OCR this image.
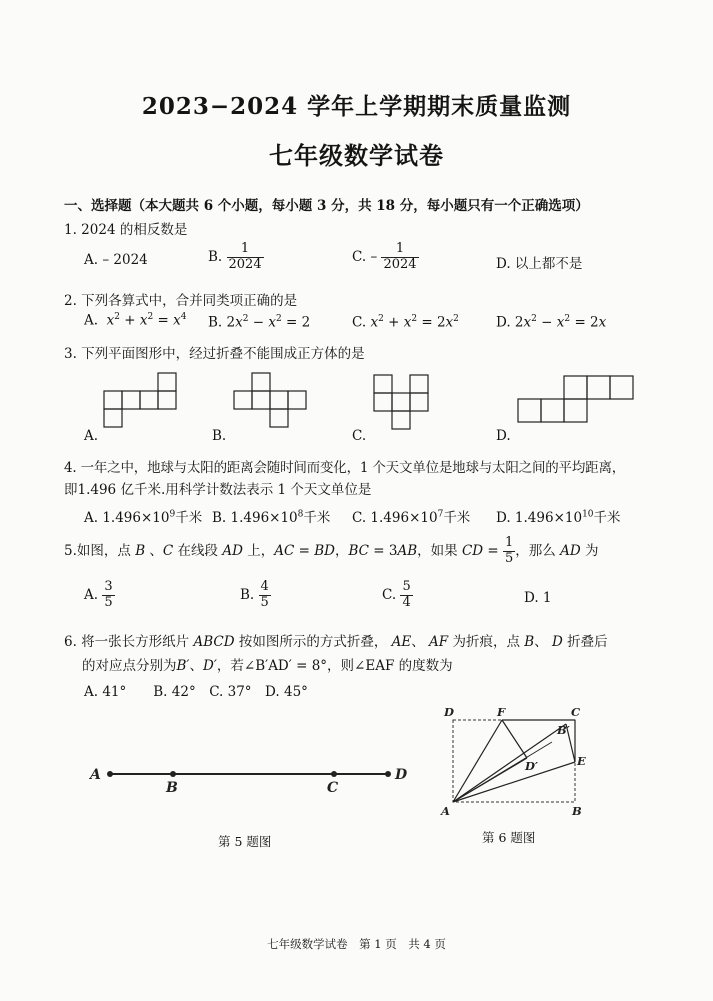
2023−2024 学年上学期期末质量监测
七年级数学试卷
一、选择题（本大题共 6 个小题，每小题 3 分，共 18 分，每小题只有一个正确选项）
1. 2024 的相反数是
A. – 2024	B. $\frac{1}{2024}$	C. – $\frac{1}{2024}$	D. 以上都不是
2. 下列各算式中，合并同类项正确的是
A. $x^2 + x^2 = x^4$ B. $2x^2 - x^2 = 2$	C. $x^2 + x^2 = 2x^2$	D. $2x^2 - x^2 = 2x$
3. 下列平面图形中，经过折叠不能围成正方体的是
A.	B.	C.	D.
4. 一年之中，地球与太阳的距离会随时间而变化，1 个天文单位是地球与太阳之间的平均距离，
即1.496 亿千米.用科学计数法表示 1 个天文单位是
A. $1.496\times 10^9$千米 B. $1.496\times 10^8$千米 C. $1.496\times 10^7$千米 D. $1.496\times 10^{10}$千米
5.如图，点 B 、C 在线段 AD 上，AC = BD，BC = 3AB，如果 CD = $\frac{1}{5}$ ，那么 AD 为
A. $\frac{3}{5}$	B. $\frac{4}{5}$	C. $\frac{5}{4}$	D. 1
6. 将一张长方形纸片 ABCD 按如图所示的方式折叠， AE、 AF 为折痕，点 B、 D 折叠后
的对应点分别为B′、D′，若∠B′AD′ = 8°，则∠EAF 的度数为
A. 41°　　B. 42°　C. 37°　D. 45°
A
B	C
D
第 5 题图
D	F	C
B′
D′	E
A	B
第 6 题图
七年级数学试卷　第 1 页　共 4 页
